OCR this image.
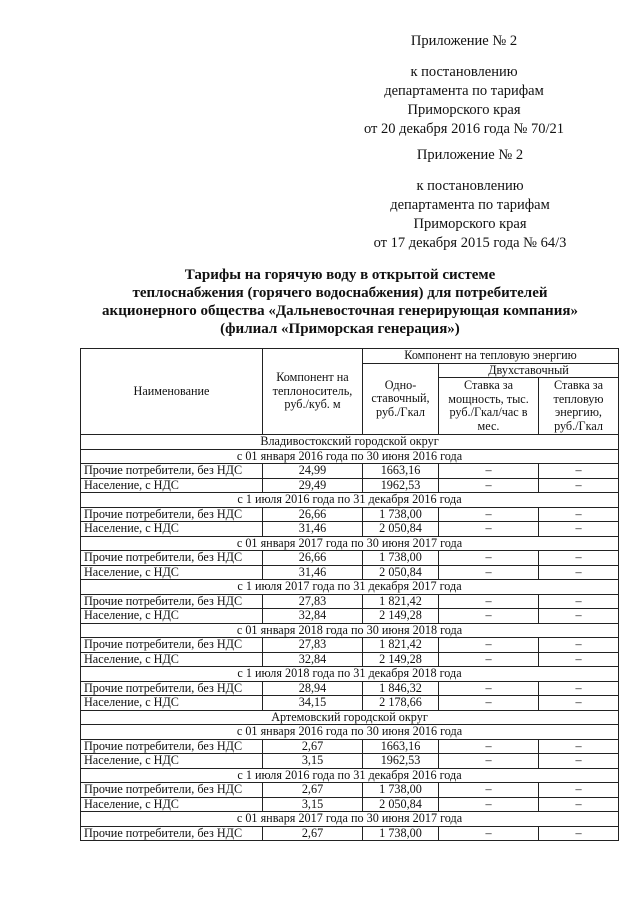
Приложение № 2
к постановлению
департамента по тарифам
Приморского края
от 20 декабря 2016 года № 70/21
Приложение № 2
к постановлению
департамента по тарифам
Приморского края
от 17 декабря 2015 года № 64/3
Тарифы на горячую воду в открытой системе
теплоснабжения (горячего водоснабжения) для потребителей
акционерного общества «Дальневосточная генерирующая компания»
(филиал «Приморская генерация»)
Наименование	Компонент на теплоноситель, руб./куб. м	Компонент на тепловую энергию		
		Одно-ставочный, руб./Гкал	Двухставочный	
			Ставка за мощность, тыс. руб./Гкал/час в мес.	Ставка за тепловую энергию, руб./Гкал
Владивостокский городской округ				
с 01 января 2016 года по 30 июня 2016 года				
Прочие потребители, без НДС	24,99	1663,16	–	–
Население, с НДС	29,49	1962,53	–	–
с 1 июля 2016 года по 31 декабря 2016 года				
Прочие потребители, без НДС	26,66	1 738,00	–	–
Население, с НДС	31,46	2 050,84	–	–
с 01 января 2017 года по 30 июня 2017 года				
Прочие потребители, без НДС	26,66	1 738,00	–	–
Население, с НДС	31,46	2 050,84	–	–
с 1 июля 2017 года по 31 декабря 2017 года				
Прочие потребители, без НДС	27,83	1 821,42	–	–
Население, с НДС	32,84	2 149,28	–	–
с 01 января 2018 года по 30 июня 2018 года				
Прочие потребители, без НДС	27,83	1 821,42	–	–
Население, с НДС	32,84	2 149,28	–	–
с 1 июля 2018 года по 31 декабря 2018 года				
Прочие потребители, без НДС	28,94	1 846,32	–	–
Население, с НДС	34,15	2 178,66	–	–
Артемовский городской округ				
с 01 января 2016 года по 30 июня 2016 года				
Прочие потребители, без НДС	2,67	1663,16	–	–
Население, с НДС	3,15	1962,53	–	–
с 1 июля 2016 года по 31 декабря 2016 года				
Прочие потребители, без НДС	2,67	1 738,00	–	–
Население, с НДС	3,15	2 050,84	–	–
с 01 января 2017 года по 30 июня 2017 года				
Прочие потребители, без НДС	2,67	1 738,00	–	–
